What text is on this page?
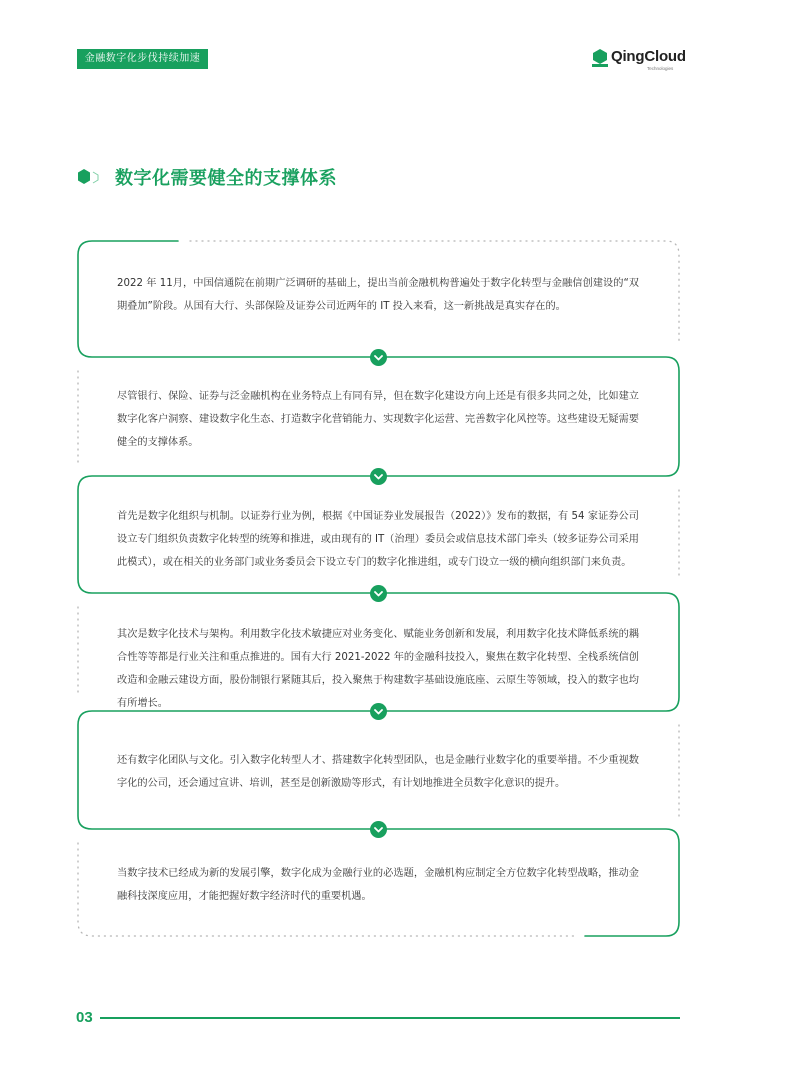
金融数字化步伐持续加速	QingCloud
Technologies
数字化需要健全的支撑体系

2022 年 11月，中国信通院在前期广泛调研的基础上，提出当前金融机构普遍处于数字化转型与金融信创建设的“双期叠加”阶段。从国有大行、头部保险及证券公司近两年的 IT 投入来看，这一新挑战是真实存在的。

尽管银行、保险、证券与泛金融机构在业务特点上有同有异，但在数字化建设方向上还是有很多共同之处，比如建立数字化客户洞察、建设数字化生态、打造数字化营销能力、实现数字化运营、完善数字化风控等。这些建设无疑需要健全的支撑体系。

首先是数字化组织与机制。以证券行业为例，根据《中国证券业发展报告（2022）》发布的数据，有 54 家证券公司设立专门组织负责数字化转型的统筹和推进，或由现有的 IT（治理）委员会或信息技术部门牵头（较多证券公司采用此模式），或在相关的业务部门或业务委员会下设立专门的数字化推进组，或专门设立一级的横向组织部门来负责。

其次是数字化技术与架构。利用数字化技术敏捷应对业务变化、赋能业务创新和发展，利用数字化技术降低系统的耦合性等等都是行业关注和重点推进的。国有大行 2021-2022 年的金融科技投入，聚焦在数字化转型、全栈系统信创改造和金融云建设方面，股份制银行紧随其后，投入聚焦于构建数字基础设施底座、云原生等领域，投入的数字也均有所增长。

还有数字化团队与文化。引入数字化转型人才、搭建数字化转型团队，也是金融行业数字化的重要举措。不少重视数字化的公司，还会通过宣讲、培训，甚至是创新激励等形式，有计划地推进全员数字化意识的提升。

当数字技术已经成为新的发展引擎，数字化成为金融行业的必选题，金融机构应制定全方位数字化转型战略，推动金融科技深度应用，才能把握好数字经济时代的重要机遇。

03
